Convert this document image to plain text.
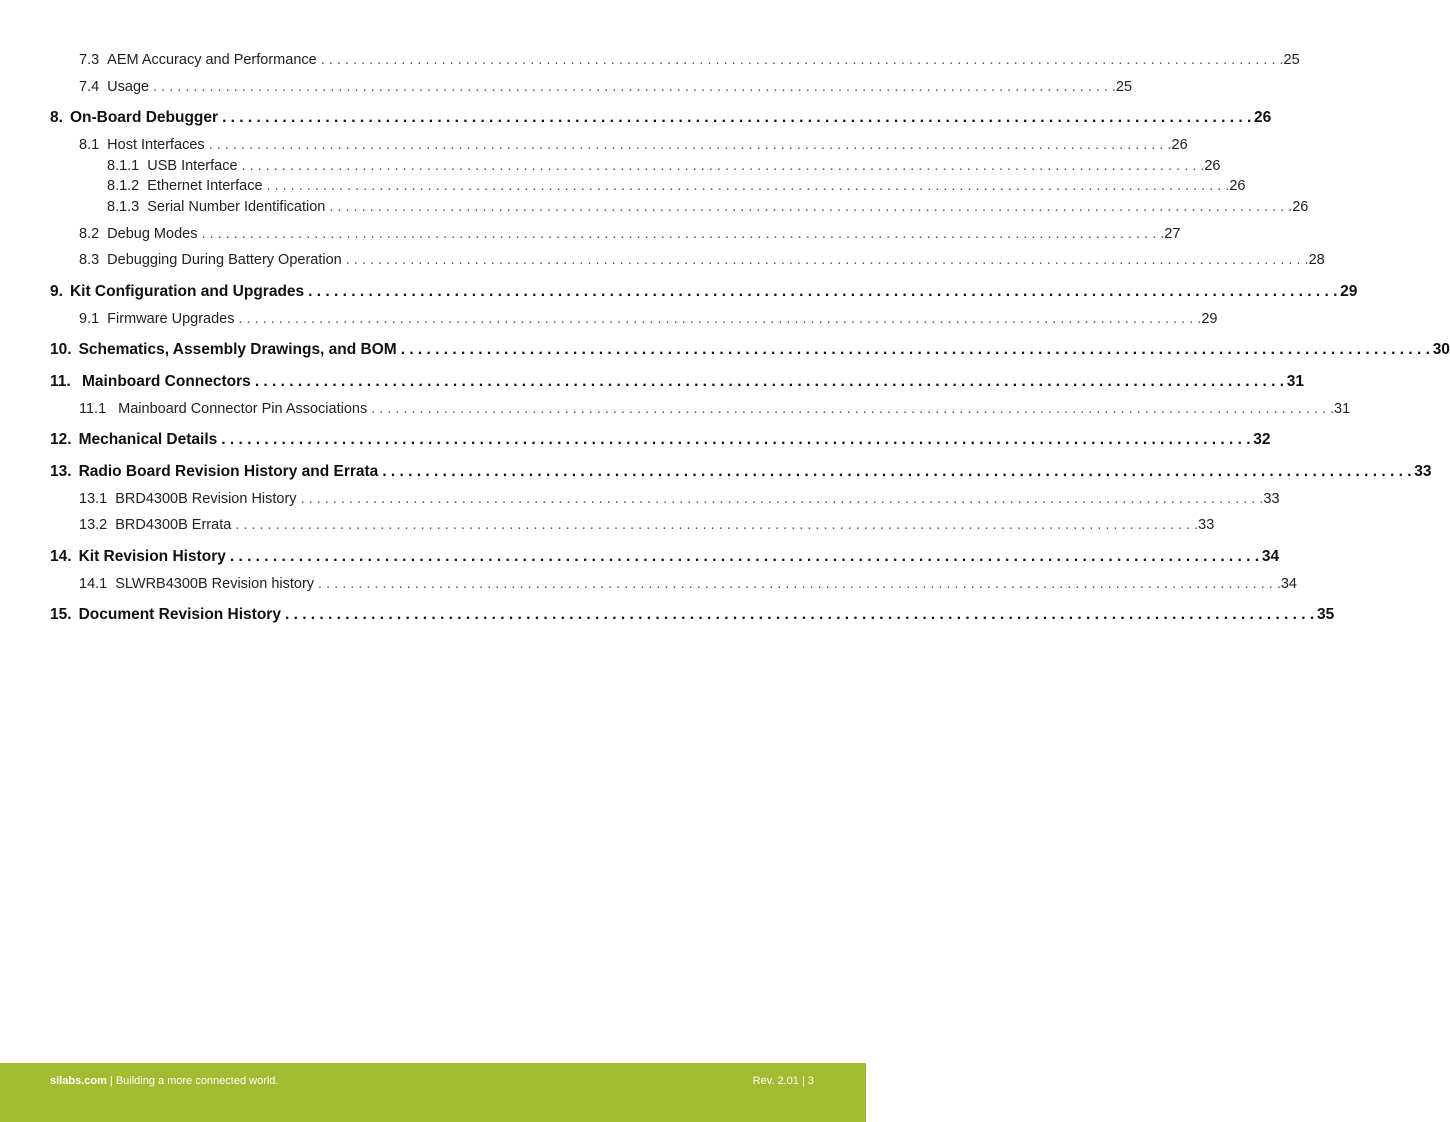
7.3 AEM Accuracy and Performance . . . . . . . . . . . . . . . . . . . . . . . . . . . . . . . . . . . . . . . . . . . . . . . . . . . . . . . . . . . . . . . . . . . . . . . . . . . . . . . . . . . . . . . . . . . . . . . . . . . . . . . . . . . . . . . . . . . . . . . . 25
7.4 Usage . . . . . . . . . . . . . . . . . . . . . . . . . . . . . . . . . . . . . . . . . . . . . . . . . . . . . . . . . . . . . . . . . . . . . . . . . . . . . . . . . . . . . . . . . . . . . . . . . . . . . . . . . . . . . . . . . . . . . . . . 25
8. On-Board Debugger . . . . . . . . . . . . . . . . . . . . . . . . . . . . . . . . . . . . . . . . . . . . . . . . . . . . . . . . . . . . . . . . . . . . . . . . . . . . . . . . . . . . . . . . . . . . . . . . . . . . . . . . . . . . . . . . . . . . . . . . 26
8.1 Host Interfaces . . . . . . . . . . . . . . . . . . . . . . . . . . . . . . . . . . . . . . . . . . . . . . . . . . . . . . . . . . . . . . . . . . . . . . . . . . . . . . . . . . . . . . . . . . . . . . . . . . . . . . . . . . . . . . . . . . . . . . . . 26
8.1.1 USB Interface . . . . . . . . . . . . . . . . . . . . . . . . . . . . . . . . . . . . . . . . . . . . . . . . . . . . . . . . . . . . . . . . . . . . . . . . . . . . . . . . . . . . . . . . . . . . . . . . . . . . . . . . . . . . . . . . . . . . . . . . 26
8.1.2 Ethernet Interface . . . . . . . . . . . . . . . . . . . . . . . . . . . . . . . . . . . . . . . . . . . . . . . . . . . . . . . . . . . . . . . . . . . . . . . . . . . . . . . . . . . . . . . . . . . . . . . . . . . . . . . . . . . . . . . . . . . . . . . . 26
8.1.3 Serial Number Identification . . . . . . . . . . . . . . . . . . . . . . . . . . . . . . . . . . . . . . . . . . . . . . . . . . . . . . . . . . . . . . . . . . . . . . . . . . . . . . . . . . . . . . . . . . . . . . . . . . . . . . . . . . . . . . . . . . . . . . . . 26
8.2 Debug Modes . . . . . . . . . . . . . . . . . . . . . . . . . . . . . . . . . . . . . . . . . . . . . . . . . . . . . . . . . . . . . . . . . . . . . . . . . . . . . . . . . . . . . . . . . . . . . . . . . . . . . . . . . . . . . . . . . . . . . . . . 27
8.3 Debugging During Battery Operation . . . . . . . . . . . . . . . . . . . . . . . . . . . . . . . . . . . . . . . . . . . . . . . . . . . . . . . . . . . . . . . . . . . . . . . . . . . . . . . . . . . . . . . . . . . . . . . . . . . . . . . . . . . . . . . . . . . . . . . . 28
9. Kit Configuration and Upgrades . . . . . . . . . . . . . . . . . . . . . . . . . . . . . . . . . . . . . . . . . . . . . . . . . . . . . . . . . . . . . . . . . . . . . . . . . . . . . . . . . . . . . . . . . . . . . . . . . . . . . . . . . . . . . . . . . . . . . . . . 29
9.1 Firmware Upgrades . . . . . . . . . . . . . . . . . . . . . . . . . . . . . . . . . . . . . . . . . . . . . . . . . . . . . . . . . . . . . . . . . . . . . . . . . . . . . . . . . . . . . . . . . . . . . . . . . . . . . . . . . . . . . . . . . . . . . . . . 29
10. Schematics, Assembly Drawings, and BOM . . . . . . . . . . . . . . . . . . . . . . . . . . . . . . . . . . . . . . . . . . . . . . . . . . . . . . . . . . . . . . . . . . . . . . . . . . . . . . . . . . . . . . . . . . . . . . . . . . . . . . . . . . . . . . . . . . . . . . . . 30
11. Mainboard Connectors . . . . . . . . . . . . . . . . . . . . . . . . . . . . . . . . . . . . . . . . . . . . . . . . . . . . . . . . . . . . . . . . . . . . . . . . . . . . . . . . . . . . . . . . . . . . . . . . . . . . . . . . . . . . . . . . . . . . . . . . 31
11.1 Mainboard Connector Pin Associations . . . . . . . . . . . . . . . . . . . . . . . . . . . . . . . . . . . . . . . . . . . . . . . . . . . . . . . . . . . . . . . . . . . . . . . . . . . . . . . . . . . . . . . . . . . . . . . . . . . . . . . . . . . . . . . . . . . . . . . . 31
12. Mechanical Details . . . . . . . . . . . . . . . . . . . . . . . . . . . . . . . . . . . . . . . . . . . . . . . . . . . . . . . . . . . . . . . . . . . . . . . . . . . . . . . . . . . . . . . . . . . . . . . . . . . . . . . . . . . . . . . . . . . . . . . . 32
13. Radio Board Revision History and Errata . . . . . . . . . . . . . . . . . . . . . . . . . . . . . . . . . . . . . . . . . . . . . . . . . . . . . . . . . . . . . . . . . . . . . . . . . . . . . . . . . . . . . . . . . . . . . . . . . . . . . . . . . . . . . . . . . . . . . . . . 33
13.1 BRD4300B Revision History . . . . . . . . . . . . . . . . . . . . . . . . . . . . . . . . . . . . . . . . . . . . . . . . . . . . . . . . . . . . . . . . . . . . . . . . . . . . . . . . . . . . . . . . . . . . . . . . . . . . . . . . . . . . . . . . . . . . . . . . 33
13.2 BRD4300B Errata . . . . . . . . . . . . . . . . . . . . . . . . . . . . . . . . . . . . . . . . . . . . . . . . . . . . . . . . . . . . . . . . . . . . . . . . . . . . . . . . . . . . . . . . . . . . . . . . . . . . . . . . . . . . . . . . . . . . . . . . 33
14. Kit Revision History . . . . . . . . . . . . . . . . . . . . . . . . . . . . . . . . . . . . . . . . . . . . . . . . . . . . . . . . . . . . . . . . . . . . . . . . . . . . . . . . . . . . . . . . . . . . . . . . . . . . . . . . . . . . . . . . . . . . . . . . 34
14.1 SLWRB4300B Revision history . . . . . . . . . . . . . . . . . . . . . . . . . . . . . . . . . . . . . . . . . . . . . . . . . . . . . . . . . . . . . . . . . . . . . . . . . . . . . . . . . . . . . . . . . . . . . . . . . . . . . . . . . . . . . . . . . . . . . . . . 34
15. Document Revision History . . . . . . . . . . . . . . . . . . . . . . . . . . . . . . . . . . . . . . . . . . . . . . . . . . . . . . . . . . . . . . . . . . . . . . . . . . . . . . . . . . . . . . . . . . . . . . . . . . . . . . . . . . . . . . . . . . . . . . . . 35
silabs.com | Building a more connected world.	Rev. 2.01 | 3
